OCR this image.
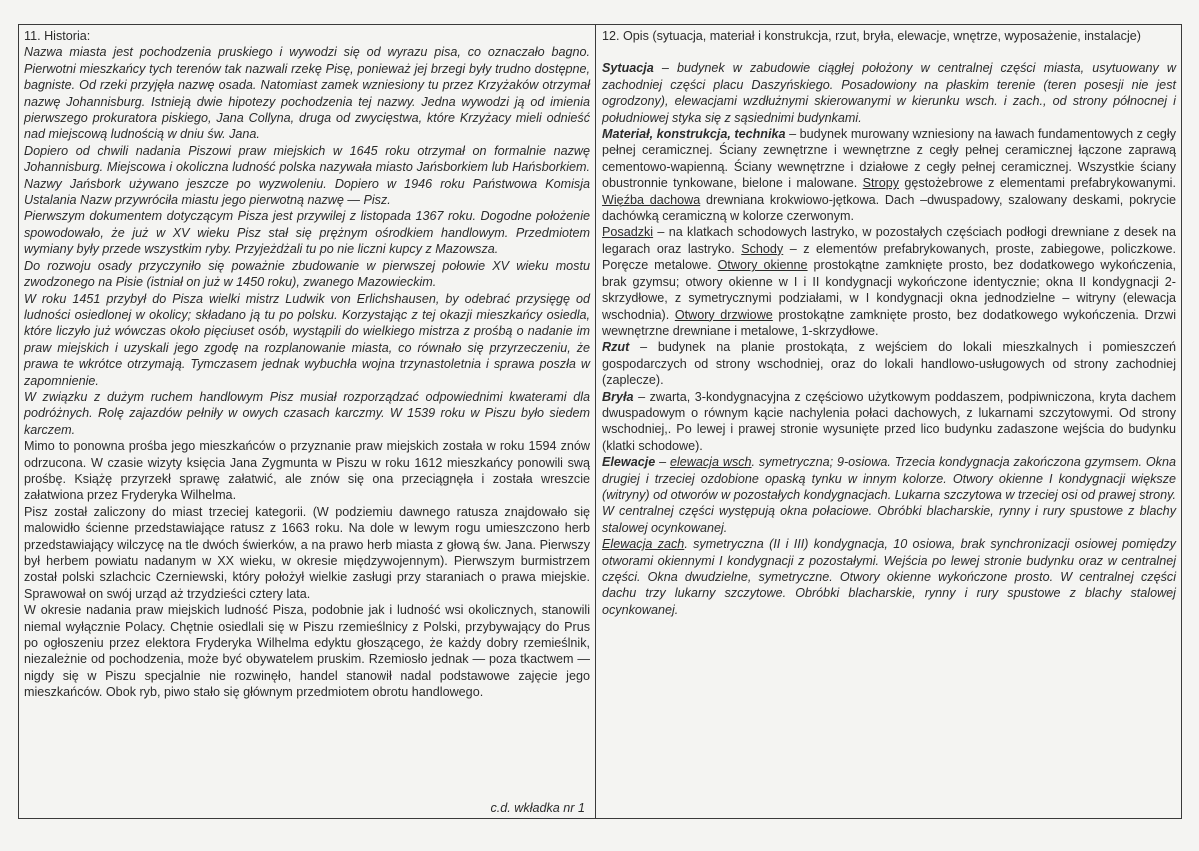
11. Historia:

Nazwa miasta jest pochodzenia pruskiego i wywodzi się od wyrazu pisa, co oznaczało bagno. Pierwotni mieszkańcy tych terenów tak nazwali rzekę Pisę, ponieważ jej brzegi były trudno dostępne, bagniste. Od rzeki przyjęła nazwę osada. Natomiast zamek wzniesiony tu przez Krzyżaków otrzymał nazwę Johannisburg. Istnieją dwie hipotezy pochodzenia tej nazwy. Jedna wywodzi ją od imienia pierwszego prokuratora piskiego, Jana Collyna, druga od zwycięstwa, które Krzyżacy mieli odnieść nad miejscową ludnością w dniu św. Jana.

Dopiero od chwili nadania Piszowi praw miejskich w 1645 roku otrzymał on formalnie nazwę Johannisburg. Miejscowa i okoliczna ludność polska nazywała miasto Jańsborkiem lub Hańsborkiem. Nazwy Jańsbork używano jeszcze po wyzwoleniu. Dopiero w 1946 roku Państwowa Komisja Ustalania Nazw przywróciła miastu jego pierwotną nazwę — Pisz.

Pierwszym dokumentem dotyczącym Pisza jest przywilej z listopada 1367 roku. Dogodne położenie spowodowało, że już w XV wieku Pisz stał się prężnym ośrodkiem handlowym. Przedmiotem wymiany były przede wszystkim ryby. Przyjeżdżali tu po nie liczni kupcy z Mazowsza.

Do rozwoju osady przyczyniło się poważnie zbudowanie w pierwszej połowie XV wieku mostu zwodzonego na Pisie (istniał on już w 1450 roku), zwanego Mazowieckim.

W roku 1451 przybył do Pisza wielki mistrz Ludwik von Erlichshausen, by odebrać przysięgę od ludności osiedlonej w okolicy; składano ją tu po polsku. Korzystając z tej okazji mieszkańcy osiedla, które liczyło już wówczas około pięciuset osób, wystąpili do wielkiego mistrza z prośbą o nadanie im praw miejskich i uzyskali jego zgodę na rozplanowanie miasta, co równało się przyrzeczeniu, że prawa te wkrótce otrzymają. Tymczasem jednak wybuchła wojna trzynastoletnia i sprawa poszła w zapomnienie.

W związku z dużym ruchem handlowym Pisz musiał rozporządzać odpowiednimi kwaterami dla podróżnych. Rolę zajazdów pełniły w owych czasach karczmy. W 1539 roku w Piszu było siedem karczem.

Mimo to ponowna prośba jego mieszkańców o przyznanie praw miejskich została w roku 1594 znów odrzucona. W czasie wizyty księcia Jana Zygmunta w Piszu w roku 1612 mieszkańcy ponowili swą prośbę. Książę przyrzekł sprawę załatwić, ale znów się ona przeciągnęła i została wreszcie załatwiona przez Fryderyka Wilhelma.

Pisz został zaliczony do miast trzeciej kategorii. (W podziemiu dawnego ratusza znajdowało się malowidło ścienne przedstawiające ratusz z 1663 roku. Na dole w lewym rogu umieszczono herb przedstawiający wilczycę na tle dwóch świerków, a na prawo herb miasta z głową św. Jana. Pierwszy był herbem powiatu nadanym w XX wieku, w okresie międzywojennym). Pierwszym burmistrzem został polski szlachcic Czerniewski, który położył wielkie zasługi przy staraniach o prawa miejskie. Sprawował on swój urząd aż trzydzieści cztery lata.

W okresie nadania praw miejskich ludność Pisza, podobnie jak i ludność wsi okolicznych, stanowili niemal wyłącznie Polacy. Chętnie osiedlali się w Piszu rzemieślnicy z Polski, przybywający do Prus po ogłoszeniu przez elektora Fryderyka Wilhelma edyktu głoszącego, że każdy dobry rzemieślnik, niezależnie od pochodzenia, może być obywatelem pruskim. Rzemiosło jednak — poza tkactwem — nigdy się w Piszu specjalnie nie rozwinęło, handel stanowił nadal podstawowe zajęcie jego mieszkańców. Obok ryb, piwo stało się głównym przedmiotem obrotu handlowego.

c.d. wkładka nr 1
12. Opis (sytuacja, materiał i konstrukcja, rzut, bryła, elewacje, wnętrze, wyposażenie, instalacje)

Sytuacja – budynek w zabudowie ciągłej położony w centralnej części miasta, usytuowany w zachodniej części placu Daszyńskiego. Posadowiony na płaskim terenie (teren posesji nie jest ogrodzony), elewacjami wzdłużnymi skierowanymi w kierunku wsch. i zach., od strony północnej i południowej styka się z sąsiednimi budynkami.

Materiał, konstrukcja, technika – budynek murowany wzniesiony na ławach fundamentowych z cegły pełnej ceramicznej. Ściany zewnętrzne i wewnętrzne z cegły pełnej ceramicznej łączone zaprawą cementowo-wapienną. Ściany wewnętrzne i działowe z cegły pełnej ceramicznej. Wszystkie ściany obustronnie tynkowane, bielone i malowane. Stropy gęstożebrowe z elementami prefabrykowanymi. Więźba dachowa drewniana krokwiowo-jętkowa. Dach –dwuspadowy, szalowany deskami, pokrycie dachówką ceramiczną w kolorze czerwonym.

Posadzki – na klatkach schodowych lastryko, w pozostałych częściach podłogi drewniane z desek na legarach oraz lastryko. Schody – z elementów prefabrykowanych, proste, zabiegowe, policzkowe. Poręcze metalowe. Otwory okienne prostokątne zamknięte prosto, bez dodatkowego wykończenia, brak gzymsu; otwory okienne w I i II kondygnacji wykończone identycznie; okna II kondygnacji 2-skrzydłowe, z symetrycznymi podziałami, w I kondygnacji okna jednodzielne – witryny (elewacja wschodnia). Otwory drzwiowe prostokątne zamknięte prosto, bez dodatkowego wykończenia. Drzwi wewnętrzne drewniane i metalowe, 1-skrzydłowe.

Rzut – budynek na planie prostokąta, z wejściem do lokali mieszkalnych i pomieszczeń gospodarczych od strony wschodniej, oraz do lokali handlowo-usługowych od strony zachodniej (zaplecze).

Bryła – zwarta, 3-kondygnacyjna z częściowo użytkowym poddaszem, podpiwniczona, kryta dachem dwuspadowym o równym kącie nachylenia połaci dachowych, z lukarnami szczytowymi. Od strony wschodniej,. Po lewej i prawej stronie wysunięte przed lico budynku zadaszone wejścia do budynku (klatki schodowe).

Elewacje – elewacja wsch. symetryczna; 9-osiowa. Trzecia kondygnacja zakończona gzymsem. Okna drugiej i trzeciej ozdobione opaską tynku w innym kolorze. Otwory okienne I kondygnacji większe (witryny) od otworów w pozostałych kondygnacjach. Lukarna szczytowa w trzeciej osi od prawej strony. W centralnej części występują okna połaciowe. Obróbki blacharskie, rynny i rury spustowe z blachy stalowej ocynkowanej.

Elewacja zach. symetryczna (II i III) kondygnacja, 10 osiowa, brak synchronizacji osiowej pomiędzy otworami okiennymi I kondygnacji z pozostałymi. Wejścia po lewej stronie budynku oraz w centralnej części. Okna dwudzielne, symetryczne. Otwory okienne wykończone prosto. W centralnej części dachu trzy lukarny szczytowe. Obróbki blacharskie, rynny i rury spustowe z blachy stalowej ocynkowanej.
